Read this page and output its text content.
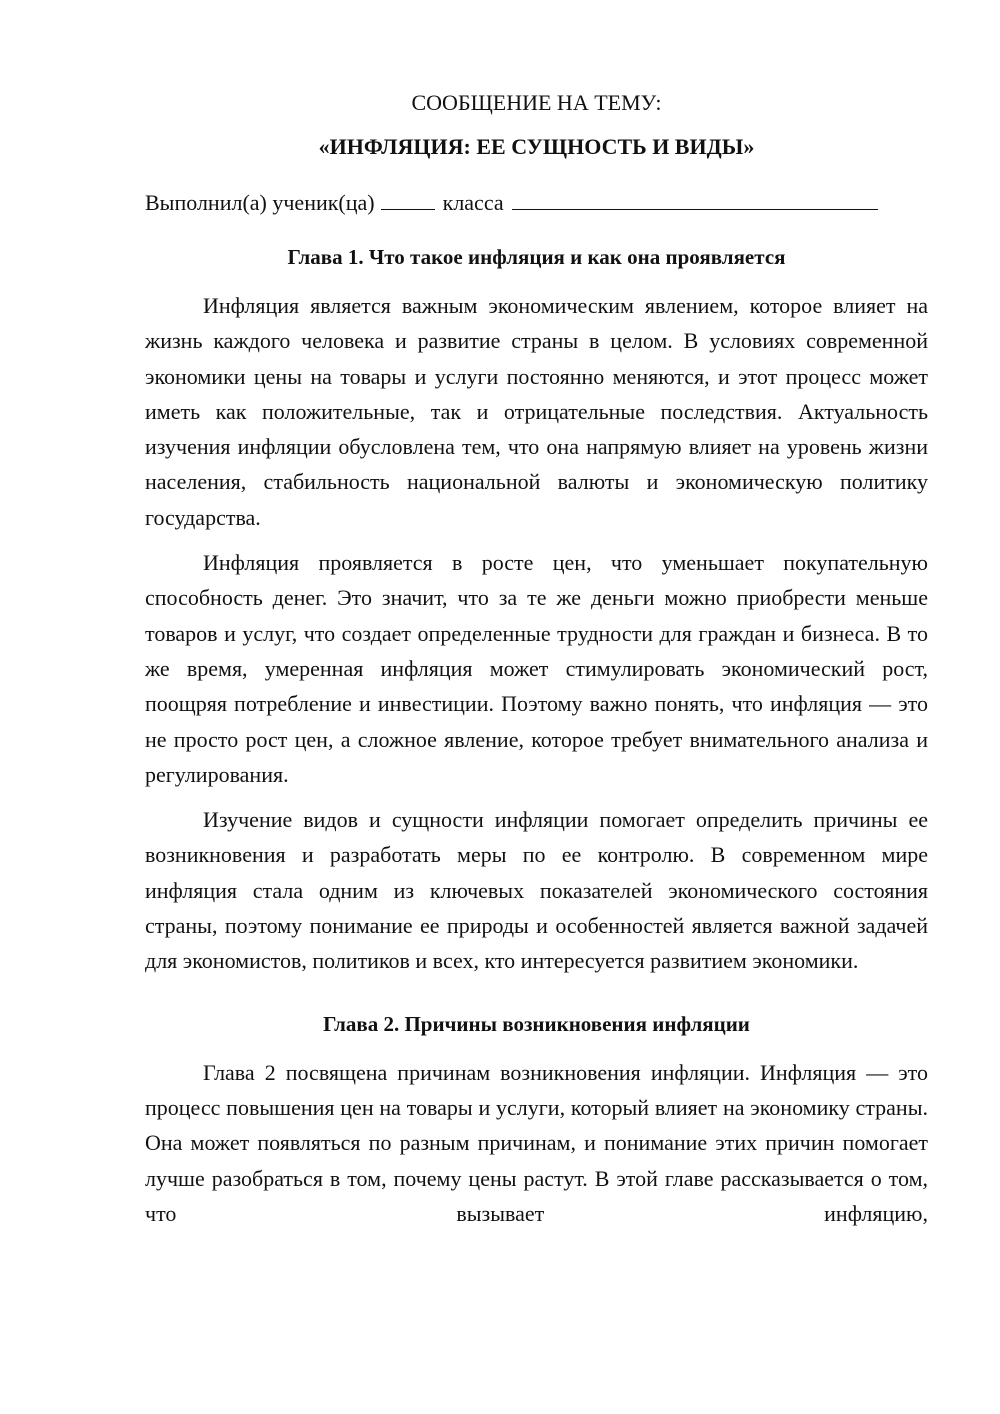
СООБЩЕНИЕ НА ТЕМУ:

«ИНФЛЯЦИЯ: ЕЕ СУЩНОСТЬ И ВИДЫ»

Выполнил(а) ученик(ца)	класса

Глава 1. Что такое инфляция и как она проявляется

Инфляция является важным экономическим явлением, которое влияет на жизнь каждого человека и развитие страны в целом. В условиях современной экономики цены на товары и услуги постоянно меняются, и этот процесс может иметь как положительные, так и отрицательные последствия. Актуальность изучения инфляции обусловлена тем, что она напрямую влияет на уровень жизни населения, стабильность национальной валюты и экономическую политику государства.

Инфляция проявляется в росте цен, что уменьшает покупательную способность денег. Это значит, что за те же деньги можно приобрести меньше товаров и услуг, что создает определенные трудности для граждан и бизнеса. В то же время, умеренная инфляция может стимулировать экономический рост, поощряя потребление и инвестиции. Поэтому важно понять, что инфляция — это не просто рост цен, а сложное явление, которое требует внимательного анализа и регулирования.

Изучение видов и сущности инфляции помогает определить причины ее возникновения и разработать меры по ее контролю. В современном мире инфляция стала одним из ключевых показателей экономического состояния страны, поэтому понимание ее природы и особенностей является важной задачей для экономистов, политиков и всех, кто интересуется развитием экономики.

Глава 2. Причины возникновения инфляции

Глава 2 посвящена причинам возникновения инфляции. Инфляция — это процесс повышения цен на товары и услуги, который влияет на экономику страны. Она может появляться по разным причинам, и понимание этих причин помогает лучше разобраться в том, почему цены растут. В этой главе рассказывается о том, что вызывает инфляцию,
